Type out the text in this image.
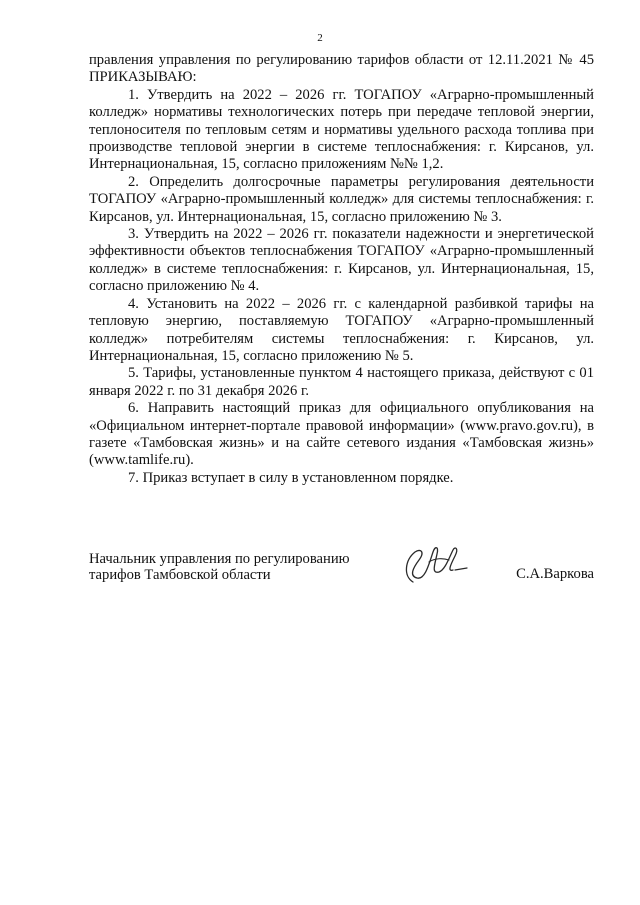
2

правления управления по регулированию тарифов области от 12.11.2021 № 45 ПРИКАЗЫВАЮ:

1. Утвердить на 2022 – 2026 гг. ТОГАПОУ «Аграрно-промышленный колледж» нормативы технологических потерь при передаче тепловой энергии, теплоносителя по тепловым сетям и нормативы удельного расхода топлива при производстве тепловой энергии в системе теплоснабжения: г. Кирсанов, ул. Интернациональная, 15, согласно приложениям №№ 1,2.

2. Определить долгосрочные параметры регулирования деятельности ТОГАПОУ «Аграрно-промышленный колледж» для системы теплоснабжения: г. Кирсанов, ул. Интернациональная, 15, согласно приложению № 3.

3. Утвердить на 2022 – 2026 гг. показатели надежности и энергетической эффективности объектов теплоснабжения ТОГАПОУ «Аграрно-промышленный колледж» в системе теплоснабжения: г. Кирсанов, ул. Интернациональная, 15, согласно приложению № 4.

4. Установить на 2022 – 2026 гг. с календарной разбивкой тарифы на тепловую энергию, поставляемую ТОГАПОУ «Аграрно-промышленный колледж» потребителям системы теплоснабжения: г. Кирсанов, ул. Интернациональная, 15, согласно приложению № 5.

5. Тарифы, установленные пунктом 4 настоящего приказа, действуют с 01 января 2022 г. по 31 декабря 2026 г.

6. Направить настоящий приказ для официального опубликования на «Официальном интернет-портале правовой информации» (www.pravo.gov.ru), в газете «Тамбовская жизнь» и на сайте сетевого издания «Тамбовская жизнь» (www.tamlife.ru).

7. Приказ вступает в силу в установленном порядке.

Начальник управления по регулированию
тарифов Тамбовской области	С.А.Варкова
